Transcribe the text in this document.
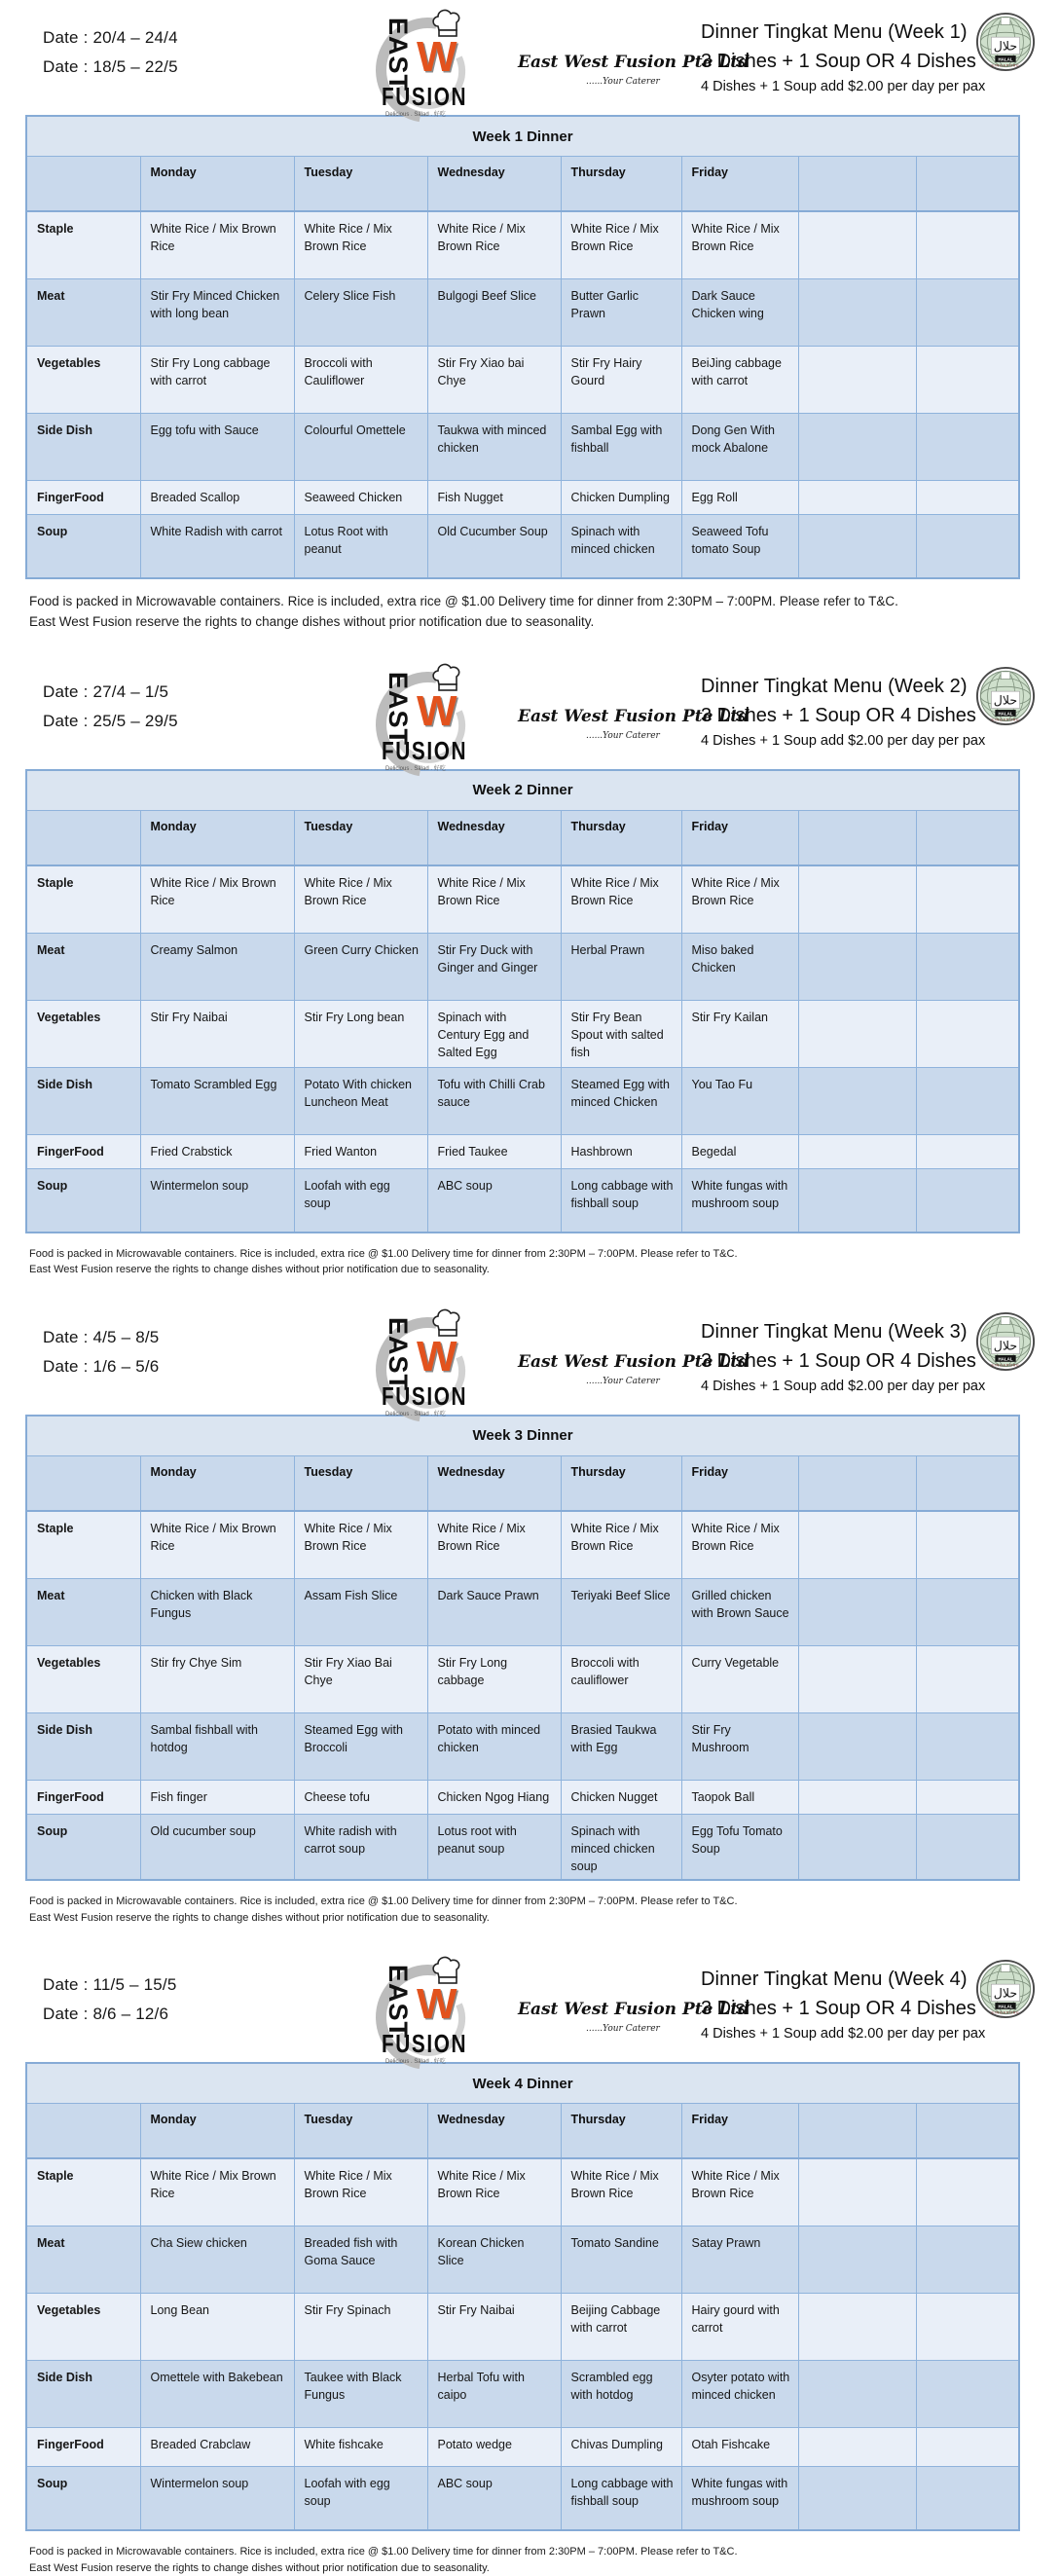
Date : 20/4 – 24/4
Date : 18/5 – 22/5	EAST W
FUSION
Delicious . Salad . 好吃
East West Fusion Pte Ltd
......Your Caterer
Dinner Tingkat Menu (Week 1)
3 Dishes + 1 Soup OR 4 Dishes
4 Dishes + 1 Soup add $2.00 per day per pax
حلال
HALAL
SINGAPORE
Week 1 Dinner							
	Monday	Tuesday	Wednesday	Thursday	Friday		
Staple	White Rice / Mix Brown Rice	White Rice / Mix Brown Rice	White Rice / Mix Brown Rice	White Rice / Mix Brown Rice	White Rice / Mix Brown Rice		
Meat	Stir Fry Minced Chicken with long bean	Celery Slice Fish	Bulgogi Beef Slice	Butter Garlic Prawn	Dark Sauce Chicken wing		
Vegetables	Stir Fry Long cabbage with carrot	Broccoli with Cauliflower	Stir Fry Xiao bai Chye	Stir Fry Hairy Gourd	BeiJing cabbage with carrot		
Side Dish	Egg tofu with Sauce	Colourful Omettele	Taukwa with minced chicken	Sambal Egg with fishball	Dong Gen With mock Abalone		
FingerFood	Breaded Scallop	Seaweed Chicken	Fish Nugget	Chicken Dumpling	Egg Roll		
Soup	White Radish with carrot	Lotus Root with peanut	Old Cucumber Soup	Spinach with minced chicken	Seaweed Tofu tomato Soup		

Food is packed in Microwavable containers. Rice is included, extra rice @ $1.00 Delivery time for dinner from 2:30PM – 7:00PM. Please refer to T&C.

East West Fusion reserve the rights to change dishes without prior notification due to seasonality.

Date : 27/4 – 1/5
Date : 25/5 – 29/5	EAST W
FUSION
Delicious . Salad . 好吃
East West Fusion Pte Ltd
......Your Caterer
Dinner Tingkat Menu (Week 2)
3 Dishes + 1 Soup OR 4 Dishes
4 Dishes + 1 Soup add $2.00 per day per pax
حلال
HALAL
SINGAPORE
Week 2 Dinner							
	Monday	Tuesday	Wednesday	Thursday	Friday		
Staple	White Rice / Mix Brown Rice	White Rice / Mix Brown Rice	White Rice / Mix Brown Rice	White Rice / Mix Brown Rice	White Rice / Mix Brown Rice		
Meat	Creamy Salmon	Green Curry Chicken	Stir Fry Duck with Ginger and Ginger	Herbal Prawn	Miso baked Chicken		
Vegetables	Stir Fry Naibai	Stir Fry Long bean	Spinach with Century Egg and Salted Egg	Stir Fry Bean Spout with salted fish	Stir Fry Kailan		
Side Dish	Tomato Scrambled Egg	Potato With chicken Luncheon Meat	Tofu with Chilli Crab sauce	Steamed Egg with minced Chicken	You Tao Fu		
FingerFood	Fried Crabstick	Fried Wanton	Fried Taukee	Hashbrown	Begedal		
Soup	Wintermelon soup	Loofah with egg soup	ABC soup	Long cabbage with fishball soup	White fungas with mushroom soup		

Food is packed in Microwavable containers. Rice is included, extra rice @ $1.00 Delivery time for dinner from 2:30PM – 7:00PM. Please refer to T&C.

East West Fusion reserve the rights to change dishes without prior notification due to seasonality.

Date : 4/5 – 8/5
Date : 1/6 – 5/6	EAST W
FUSION
Delicious . Salad . 好吃
East West Fusion Pte Ltd
......Your Caterer
Dinner Tingkat Menu (Week 3)
3 Dishes + 1 Soup OR 4 Dishes
4 Dishes + 1 Soup add $2.00 per day per pax
حلال
HALAL
SINGAPORE
Week 3 Dinner							
	Monday	Tuesday	Wednesday	Thursday	Friday		
Staple	White Rice / Mix Brown Rice	White Rice / Mix Brown Rice	White Rice / Mix Brown Rice	White Rice / Mix Brown Rice	White Rice / Mix Brown Rice		
Meat	Chicken with Black Fungus	Assam Fish Slice	Dark Sauce Prawn	Teriyaki Beef Slice	Grilled chicken with Brown Sauce		
Vegetables	Stir fry Chye Sim	Stir Fry Xiao Bai Chye	Stir Fry Long cabbage	Broccoli with cauliflower	Curry Vegetable		
Side Dish	Sambal fishball with hotdog	Steamed Egg with Broccoli	Potato with minced chicken	Brasied Taukwa with Egg	Stir Fry Mushroom		
FingerFood	Fish finger	Cheese tofu	Chicken Ngog Hiang	Chicken Nugget	Taopok Ball		
Soup	Old cucumber soup	White radish with carrot soup	Lotus root with peanut soup	Spinach with minced chicken soup	Egg Tofu Tomato Soup		

Food is packed in Microwavable containers. Rice is included, extra rice @ $1.00 Delivery time for dinner from 2:30PM – 7:00PM. Please refer to T&C.

East West Fusion reserve the rights to change dishes without prior notification due to seasonality.

Date : 11/5 – 15/5
Date : 8/6 – 12/6	EAST W
FUSION
Delicious . Salad . 好吃
East West Fusion Pte Ltd
......Your Caterer
Dinner Tingkat Menu (Week 4)
3 Dishes + 1 Soup OR 4 Dishes
4 Dishes + 1 Soup add $2.00 per day per pax
حلال
HALAL
SINGAPORE
Week 4 Dinner							
	Monday	Tuesday	Wednesday	Thursday	Friday		
Staple	White Rice / Mix Brown Rice	White Rice / Mix Brown Rice	White Rice / Mix Brown Rice	White Rice / Mix Brown Rice	White Rice / Mix Brown Rice		
Meat	Cha Siew chicken	Breaded fish with Goma Sauce	Korean Chicken Slice	Tomato Sandine	Satay Prawn		
Vegetables	Long Bean	Stir Fry Spinach	Stir Fry Naibai	Beijing Cabbage with carrot	Hairy gourd with carrot		
Side Dish	Omettele with Bakebean	Taukee with Black Fungus	Herbal Tofu with caipo	Scrambled egg with hotdog	Osyter potato with minced chicken		
FingerFood	Breaded Crabclaw	White fishcake	Potato wedge	Chivas Dumpling	Otah Fishcake		
Soup	Wintermelon soup	Loofah with egg soup	ABC soup	Long cabbage with fishball soup	White fungas with mushroom soup		

Food is packed in Microwavable containers. Rice is included, extra rice @ $1.00 Delivery time for dinner from 2:30PM – 7:00PM. Please refer to T&C.

East West Fusion reserve the rights to change dishes without prior notification due to seasonality.
